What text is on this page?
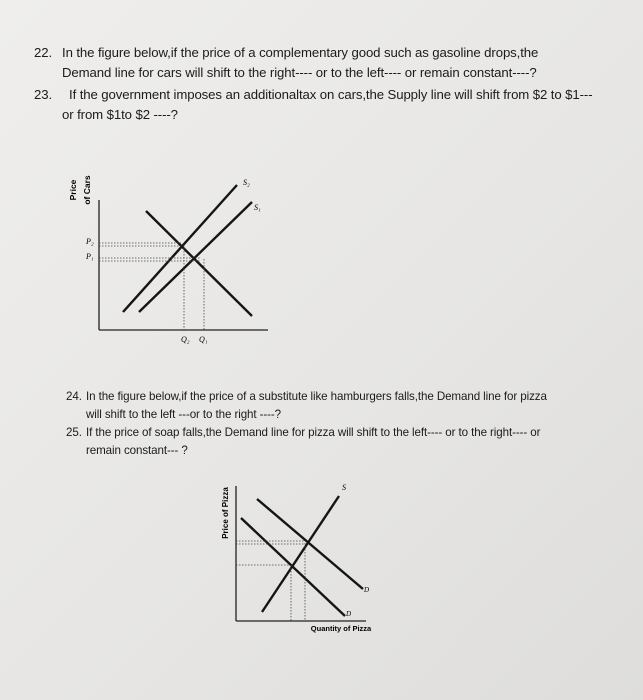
22. In the figure below,if the price of a complementary good such as gasoline drops,the
Demand line for cars will shift to the right---- or to the left---- or remain constant----?
23. If the government imposes an additionaltax on cars,the Supply line will shift from $2 to $1---
or from $1to $2 ----?
Price of Cars
P₂
P₁
Q₂ Q₁
S₂
S₁
24. In the figure below,if the price of a substitute like hamburgers falls,the Demand line for pizza
will shift to the left ---or to the right ----?
25. If the price of soap falls,the Demand line for pizza will shift to the left---- or to the right---- or
remain constant--- ?
Price of Pizza	S
D
D
Quantity of Pizza
